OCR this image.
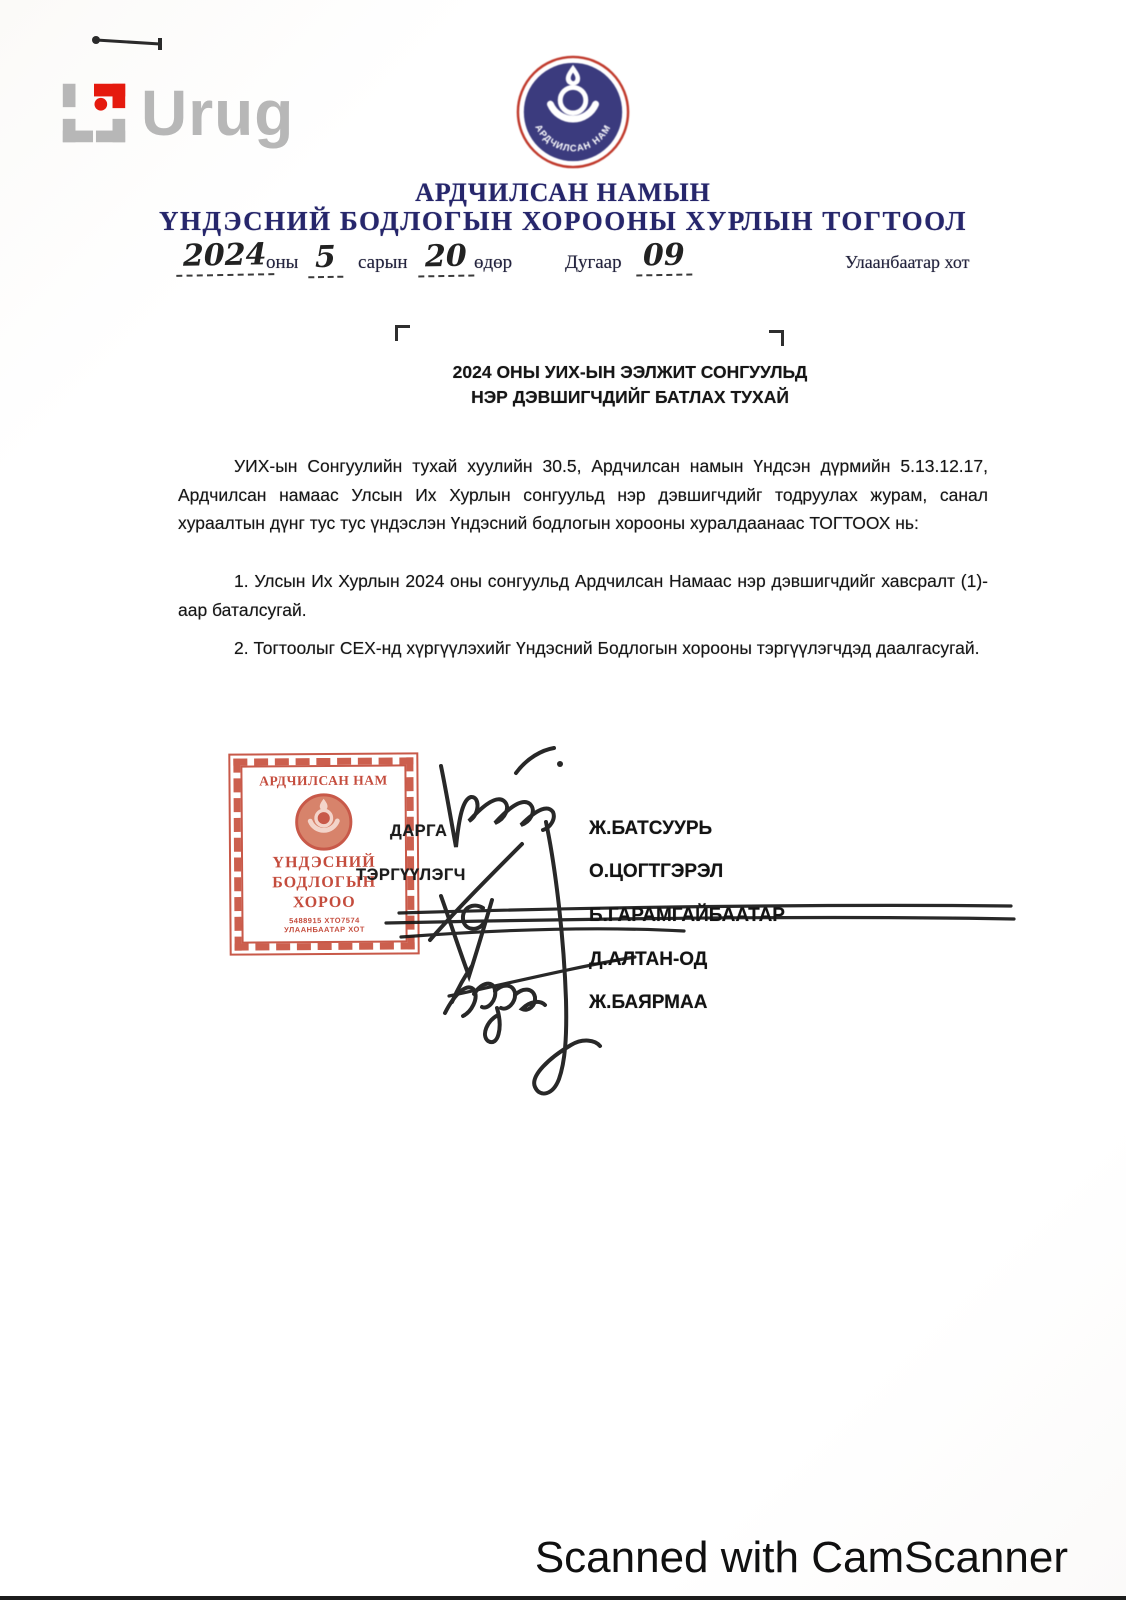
Urug	АРДЧИЛСАН НАМ
АРДЧИЛСАН НАМЫН
ҮНДЭСНИЙ БОДЛОГЫН ХОРООНЫ ХУРЛЫН ТОГТООЛ
2024 оны 5	сарын 20 өдөр	Дугаар 09	Улаанбаатар хот
2024 ОНЫ УИХ-ЫН ЭЭЛЖИТ СОНГУУЛЬД
НЭР ДЭВШИГЧДИЙГ БАТЛАХ ТУХАЙ
УИХ-ын Сонгуулийн тухай хуулийн 30.5, Ардчилсан намын Үндсэн дүрмийн 5.13.12.17, Ардчилсан намаас Улсын Их Хурлын сонгуульд нэр дэвшигчдийг тодруулах журам, санал хураалтын дүнг тус тус үндэслэн Үндэсний бодлогын хорооны хуралдаанаас ТОГТООХ нь:
1. Улсын Их Хурлын 2024 оны сонгуульд Ардчилсан Намаас нэр дэвшигчдийг хавсралт (1)-аар баталсугай.
2. Тогтоолыг СЕХ-нд хүргүүлэхийг Үндэсний Бодлогын хорооны тэргүүлэгчдэд даалгасугай.
АРДЧИЛСАН НАМ
ҮНДЭСНИЙ
БОДЛОГЫН
ХОРОО
5488915 ХТО7574
УЛААНБААТАР ХОТ
ДАРГА
ТЭРГҮҮЛЭГЧ
Ж.БАТСУУРЬ
О.ЦОГТГЭРЭЛ
Б.ГАРАМГАЙБААТАР
Д.АЛТАН-ОД
Ж.БАЯРМАА
Scanned with CamScanner
